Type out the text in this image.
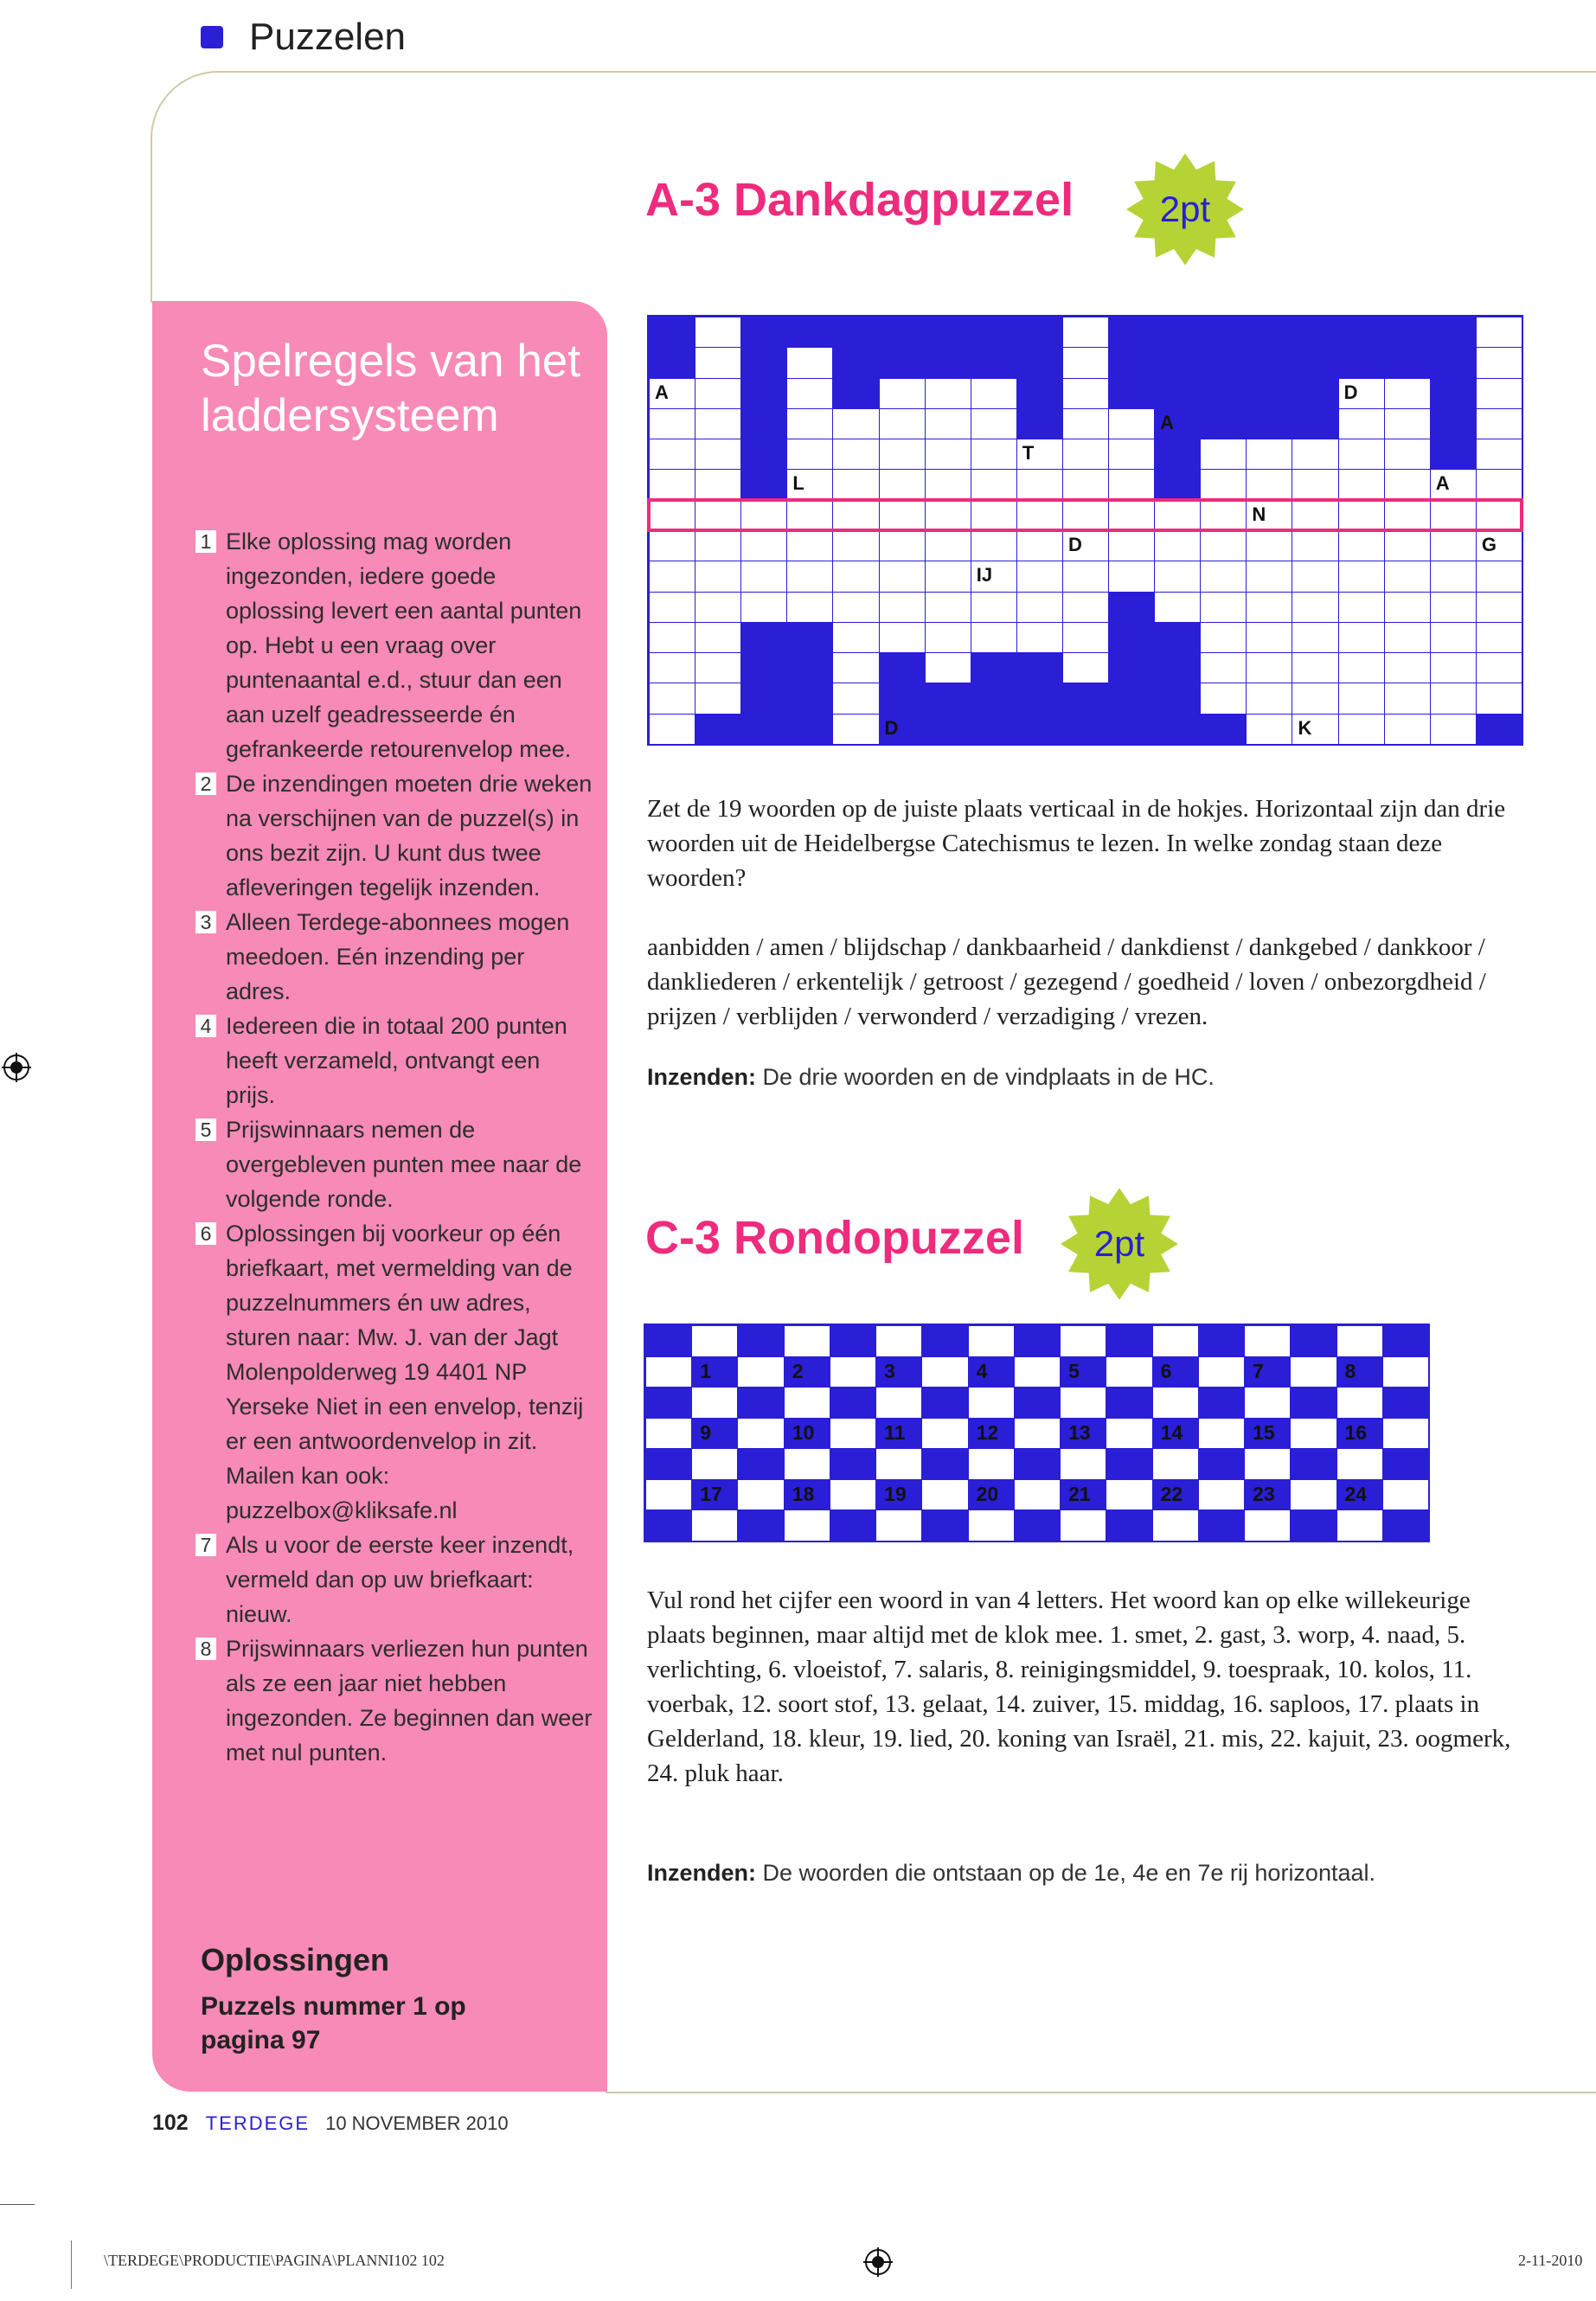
Puzzelen
Spelregels van het laddersysteem
1 Elke oplossing mag worden ingezonden, iedere goede oplossing levert een aantal punten op. Hebt u een vraag over puntenaantal e.d., stuur dan een aan uzelf geadresseerde én gefrankeerde retourenvelop mee.
2 De inzendingen moeten drie weken na verschijnen van de puzzel(s) in ons bezit zijn. U kunt dus twee afleveringen tegelijk inzenden.
3 Alleen Terdege-abonnees mogen meedoen. Eén inzending per adres.
4 Iedereen die in totaal 200 punten heeft verzameld, ontvangt een prijs.
5 Prijswinnaars nemen de overgebleven punten mee naar de volgende ronde.
6 Oplossingen bij voorkeur op één briefkaart, met vermelding van de puzzelnummers én uw adres, sturen naar: Mw. J. van der Jagt Molenpolderweg 19 4401 NP Yerseke Niet in een envelop, tenzij er een antwoordenvelop in zit. Mailen kan ook: puzzelbox@kliksafe.nl
7 Als u voor de eerste keer inzendt, vermeld dan op uw briefkaart: nieuw.
8 Prijswinnaars verliezen hun punten als ze een jaar niet hebben ingezonden. Ze beginnen dan weer met nul punten.
Oplossingen
Puzzels nummer 1 op pagina 97
A-3 Dankdagpuzzel	2pt
A
L
D
IJ
T
D
A
N
K
D
A
G
Zet de 19 woorden op de juiste plaats verticaal in de hokjes. Horizontaal zijn dan drie woorden uit de Heidelbergse Catechismus te lezen. In welke zondag staan deze woorden?
aanbidden / amen / blijdschap / dankbaarheid / dankdienst / dankgebed / dankkoor / dankliederen / erkentelijk / getroost / gezegend / goedheid / loven / onbezorgdheid / prijzen / verblijden / verwonderd / verzadiging / vrezen.
Inzenden: De drie woorden en de vindplaats in de HC.
C-3 Rondopuzzel	2pt
1	2	3	4	5	6	7	8
9	10	11	12	13	14	15	16
17	18	19	20	21	22	23	24
Vul rond het cijfer een woord in van 4 letters. Het woord kan op elke willekeurige plaats beginnen, maar altijd met de klok mee. 1. smet, 2. gast, 3. worp, 4. naad, 5. verlichting, 6. vloeistof, 7. salaris, 8. reinigingsmiddel, 9. toespraak, 10. kolos, 11. voerbak, 12. soort stof, 13. gelaat, 14. zuiver, 15. middag, 16. saploos, 17. plaats in Gelderland, 18. kleur, 19. lied, 20. koning van Israël, 21. mis, 22. kajuit, 23. oogmerk, 24. pluk haar.
Inzenden: De woorden die ontstaan op de 1e, 4e en 7e rij horizontaal.
102 TERDEGE 10 NOVEMBER 2010
\TERDEGE\PRODUCTIE\PAGINA\PLANNI102 102	2-11-2010
